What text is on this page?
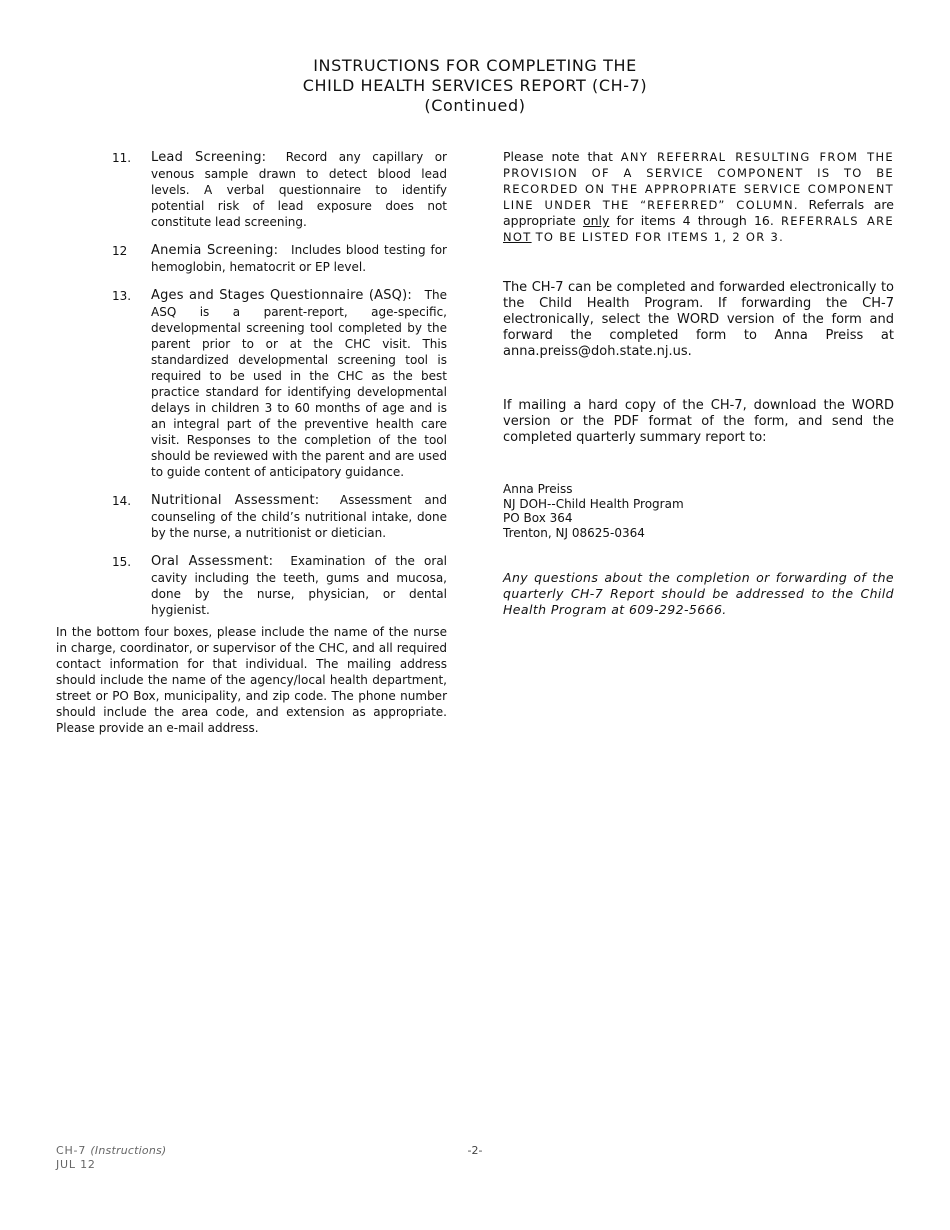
INSTRUCTIONS FOR COMPLETING THE
CHILD HEALTH SERVICES REPORT (CH-7)
(Continued)
11. Lead Screening: Record any capillary or venous sample drawn to detect blood lead levels. A verbal questionnaire to identify potential risk of lead exposure does not constitute lead screening.
12 Anemia Screening: Includes blood testing for hemoglobin, hematocrit or EP level.
13. Ages and Stages Questionnaire (ASQ): The ASQ is a parent-report, age-specific, developmental screening tool completed by the parent prior to or at the CHC visit. This standardized developmental screening tool is required to be used in the CHC as the best practice standard for identifying developmental delays in children 3 to 60 months of age and is an integral part of the preventive health care visit. Responses to the completion of the tool should be reviewed with the parent and are used to guide content of anticipatory guidance.
14. Nutritional Assessment: Assessment and counseling of the child’s nutritional intake, done by the nurse, a nutritionist or dietician.
15. Oral Assessment: Examination of the oral cavity including the teeth, gums and mucosa, done by the nurse, physician, or dental hygienist.
In the bottom four boxes, please include the name of the nurse in charge, coordinator, or supervisor of the CHC, and all required contact information for that individual. The mailing address should include the name of the agency/local health department, street or PO Box, municipality, and zip code. The phone number should include the area code, and extension as appropriate. Please provide an e-mail address.
Please note that ANY REFERRAL RESULTING FROM THE PROVISION OF A SERVICE COMPONENT IS TO BE RECORDED ON THE APPROPRIATE SERVICE COMPONENT LINE UNDER THE “REFERRED” COLUMN. Referrals are appropriate only for items 4 through 16. REFERRALS ARE NOT TO BE LISTED FOR ITEMS 1, 2 OR 3.
The CH-7 can be completed and forwarded electronically to the Child Health Program. If forwarding the CH-7 electronically, select the WORD version of the form and forward the completed form to Anna Preiss at anna.preiss@doh.state.nj.us.
If mailing a hard copy of the CH-7, download the WORD version or the PDF format of the form, and send the completed quarterly summary report to:
Anna Preiss
NJ DOH--Child Health Program
PO Box 364
Trenton, NJ 08625-0364
Any questions about the completion or forwarding of the quarterly CH-7 Report should be addressed to the Child Health Program at 609-292-5666.
CH-7 (Instructions)
JUL 12
-2-
